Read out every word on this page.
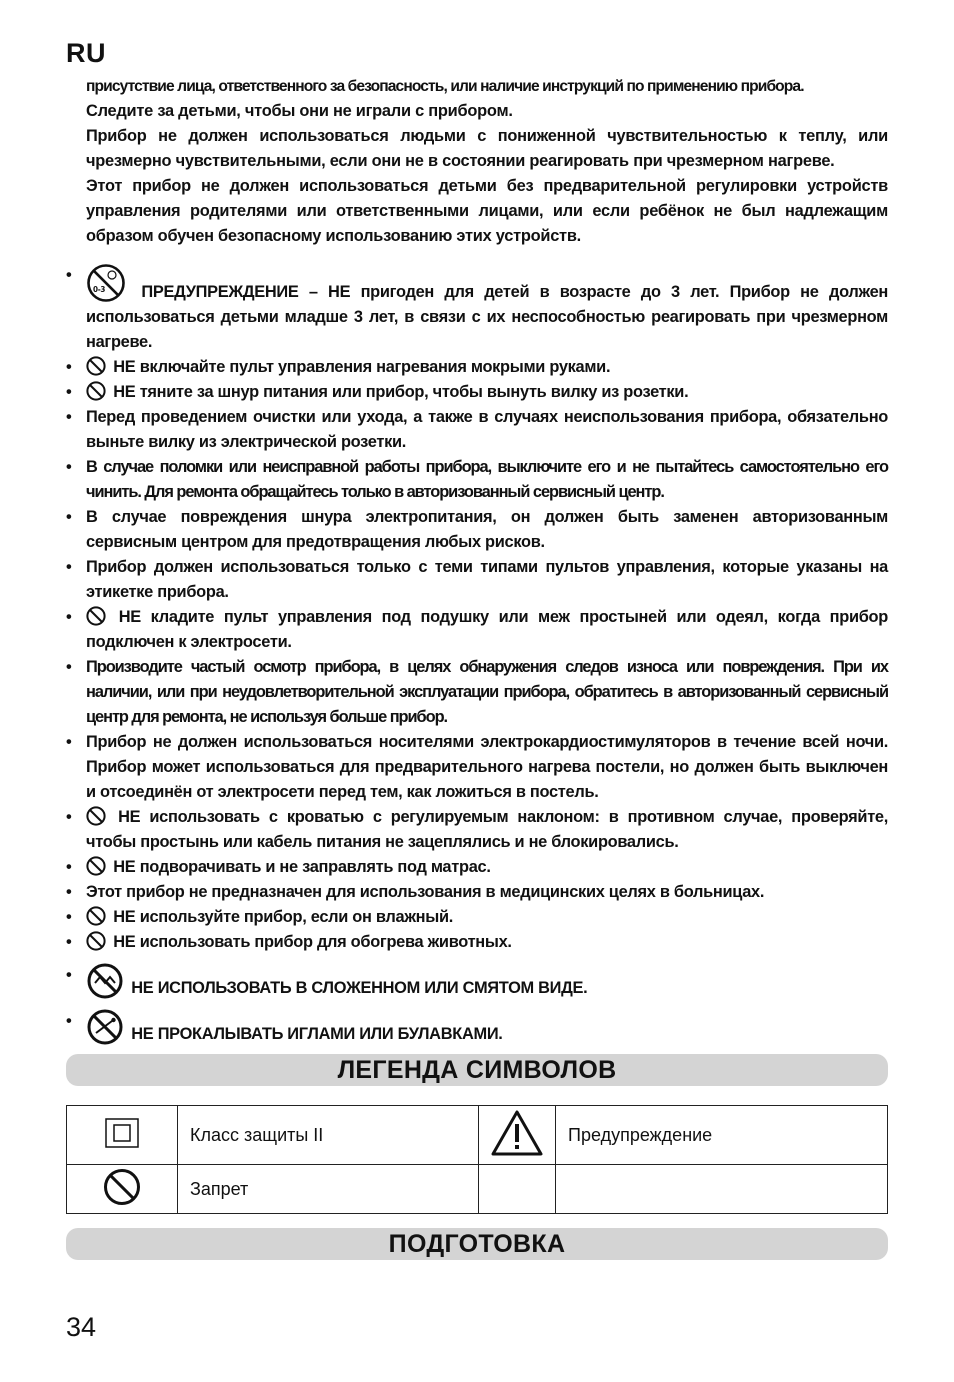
RU

присутствие лица, ответственного за безопасность, или наличие инструкций по применению прибора.

Следите за детьми, чтобы они не играли с прибором.

Прибор не должен использоваться людьми с пониженной чувствительностью к теплу, или чрезмерно чувствительными, если они не в состоянии реагировать при чрезмерном нагреве.

Этот прибор не должен использоваться детьми без предварительной регулировки устройств управления родителями или ответственными лицами, или если ребёнок не был надлежащим образом обучен безопасному использованию этих устройств.

•
0-3 ПРЕДУПРЕЖДЕНИЕ – НЕ пригоден для детей в возрасте до 3 лет. Прибор не должен использоваться детьми младше 3 лет, в связи с их неспособностью реагировать при чрезмерном нагреве.
•	НЕ включайте пульт управления нагревания мокрыми руками.
•	НЕ тяните за шнур питания или прибор, чтобы вынуть вилку из розетки.
• Перед проведением очистки или ухода, а также в случаях неиспользования прибора, обязательно выньте вилку из электрической розетки.
• В случае поломки или неисправной работы прибора, выключите его и не пытайтесь самостоятельно его чинить. Для ремонта обращайтесь только в авторизованный сервисный центр.
• В случае повреждения шнура электропитания, он должен быть заменен авторизованным сервисным центром для предотвращения любых рисков.
• Прибор должен использоваться только с теми типами пультов управления, которые указаны на этикетке прибора.
•	НЕ кладите пульт управления под подушку или меж простыней или одеял, когда прибор подключен к электросети.
• Производите частый осмотр прибора, в целях обнаружения следов износа или повреждения. При их наличии, или при неудовлетворительной эксплуатации прибора, обратитесь в авторизованный сервисный центр для ремонта, не используя больше прибор.
• Прибор не должен использоваться носителями электрокардиостимуляторов в течение всей ночи. Прибор может использоваться для предварительного нагрева постели, но должен быть выключен и отсоединён от электросети перед тем, как ложиться в постель.
•	НЕ использовать с кроватью с регулируемым наклоном: в противном случае, проверяйте, чтобы простынь или кабель питания не зацеплялись и не блокировались.
•	НЕ подворачивать и не заправлять под матрас.
• Этот прибор не предназначен для использования в медицинских целях в больницах.
•	НЕ используйте прибор, если он влажный.
•	НЕ использовать прибор для обогрева животных.
•
НЕ ИСПОЛЬЗОВАТЬ В СЛОЖЕННОМ ИЛИ СМЯТОМ ВИДЕ.
•
НЕ ПРОКАЛЫВАТЬ ИГЛАМИ ИЛИ БУЛАВКАМИ.
ЛЕГЕНДА СИМВОЛОВ
	Класс защиты II		Предупреждение
	Запрет		
ПОДГОТОВКА
34
